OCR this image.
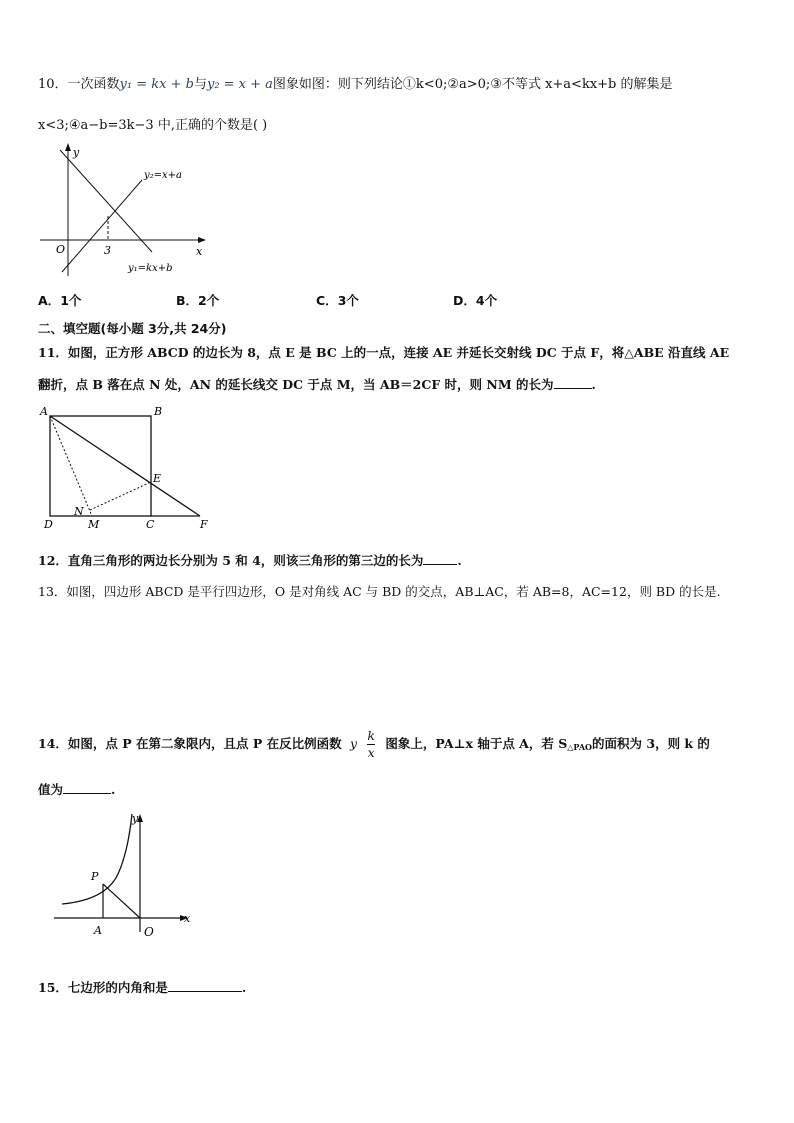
10．一次函数y₁ = kx + b与y₂ = x + a图象如图：则下列结论①k<0;②a>0;③不等式 x+a<kx+b 的解集是
x<3;④a−b=3k−3 中,正确的个数是( )
y
x
O	3
y₂=x+a
y₁=kx+b
A．1个	B．2个	C．3个	D．4个
二、填空题(每小题 3分,共 24分)
11．如图，正方形 ABCD 的边长为 8，点 E 是 BC 上的一点，连接 AE 并延长交射线 DC 于点 F，将△ABE 沿直线 AE
翻折，点 B 落在点 N 处，AN 的延长线交 DC 于点 M，当 AB＝2CF 时，则 NM 的长为	.
A	B
E
D
N
M	C	F
12．直角三角形的两边长分别为 5 和 4，则该三角形的第三边的长为	.
13．如图，四边形 ABCD 是平行四边形，O 是对角线 AC 与 BD 的交点，AB⊥AC，若 AB=8，AC=12，则 BD 的长是.
14．如图，点 P 在第二象限内，且点 P 在反比例函数 y $\frac{k}{x}$ 图象上，PA⊥x 轴于点 A，若 $S_{\triangle PAO}$的面积为 3，则 k 的
值为	.
y
x
P
A	O
15．七边形的内角和是	.
